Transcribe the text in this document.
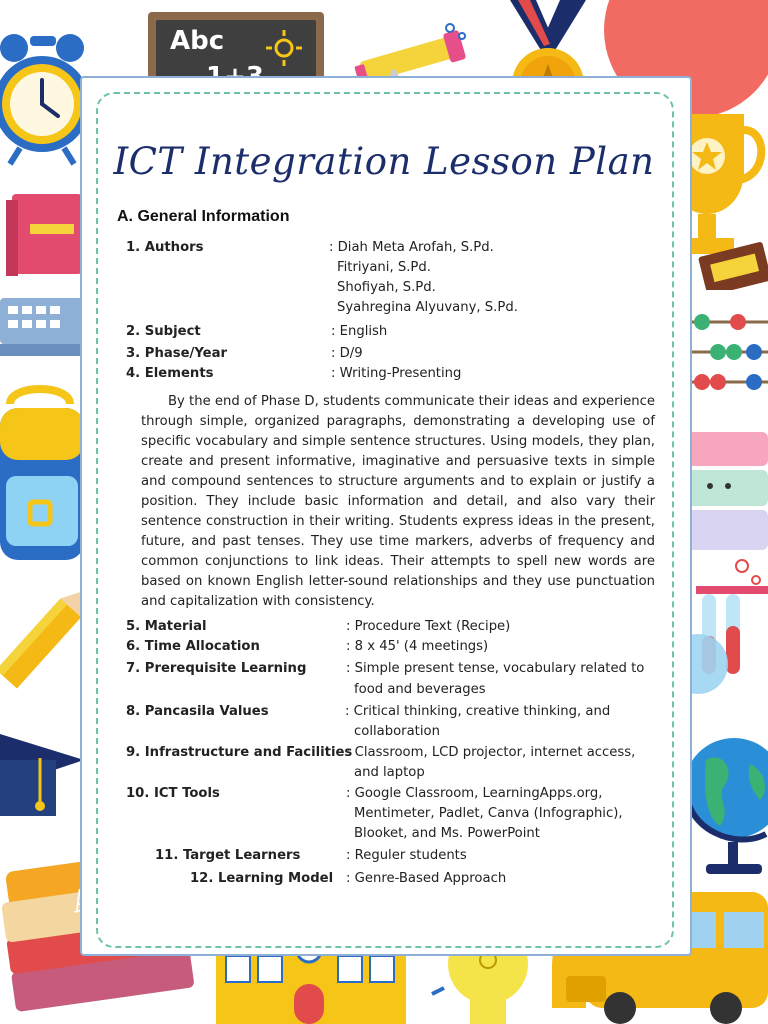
Abc
ICT Integration Lesson Plan
A. General Information
1. Authors	: Diah Meta Arofah, S.Pd.
Fitriyani, S.Pd.
Shofiyah, S.Pd.
Syahregina Alyuvany, S.Pd.
2. Subject	: English
3. Phase/Year	: D/9
4. Elements	: Writing-Presenting
By the end of Phase D, students communicate their ideas and experience through simple, organized paragraphs, demonstrating a developing use of specific vocabulary and simple sentence structures. Using models, they plan, create and present informative, imaginative and persuasive texts in simple and compound sentences to structure arguments and to explain or justify a position. They include basic information and detail, and also vary their sentence construction in their writing. Students express ideas in the present, future, and past tenses. They use time markers, adverbs of frequency and common conjunctions to link ideas. Their attempts to spell new words are based on known English letter-sound relationships and they use punctuation and capitalization with consistency.
5. Material	: Procedure Text (Recipe)
6. Time Allocation	: 8 x 45' (4 meetings)
7. Prerequisite Learning	: Simple present tense, vocabulary related to
food and beverages
8. Pancasila Values	: Critical thinking, creative thinking, and
collaboration
9. Infrastructure and Facilities
: Classroom, LCD projector, internet access,
and laptop
10. ICT Tools	: Google Classroom, LearningApps.org,
Mentimeter, Padlet, Canva (Infographic),
Blooket, and Ms. PowerPoint
11. Target Learners	: Reguler students
12. Learning Model : Genre-Based Approach
